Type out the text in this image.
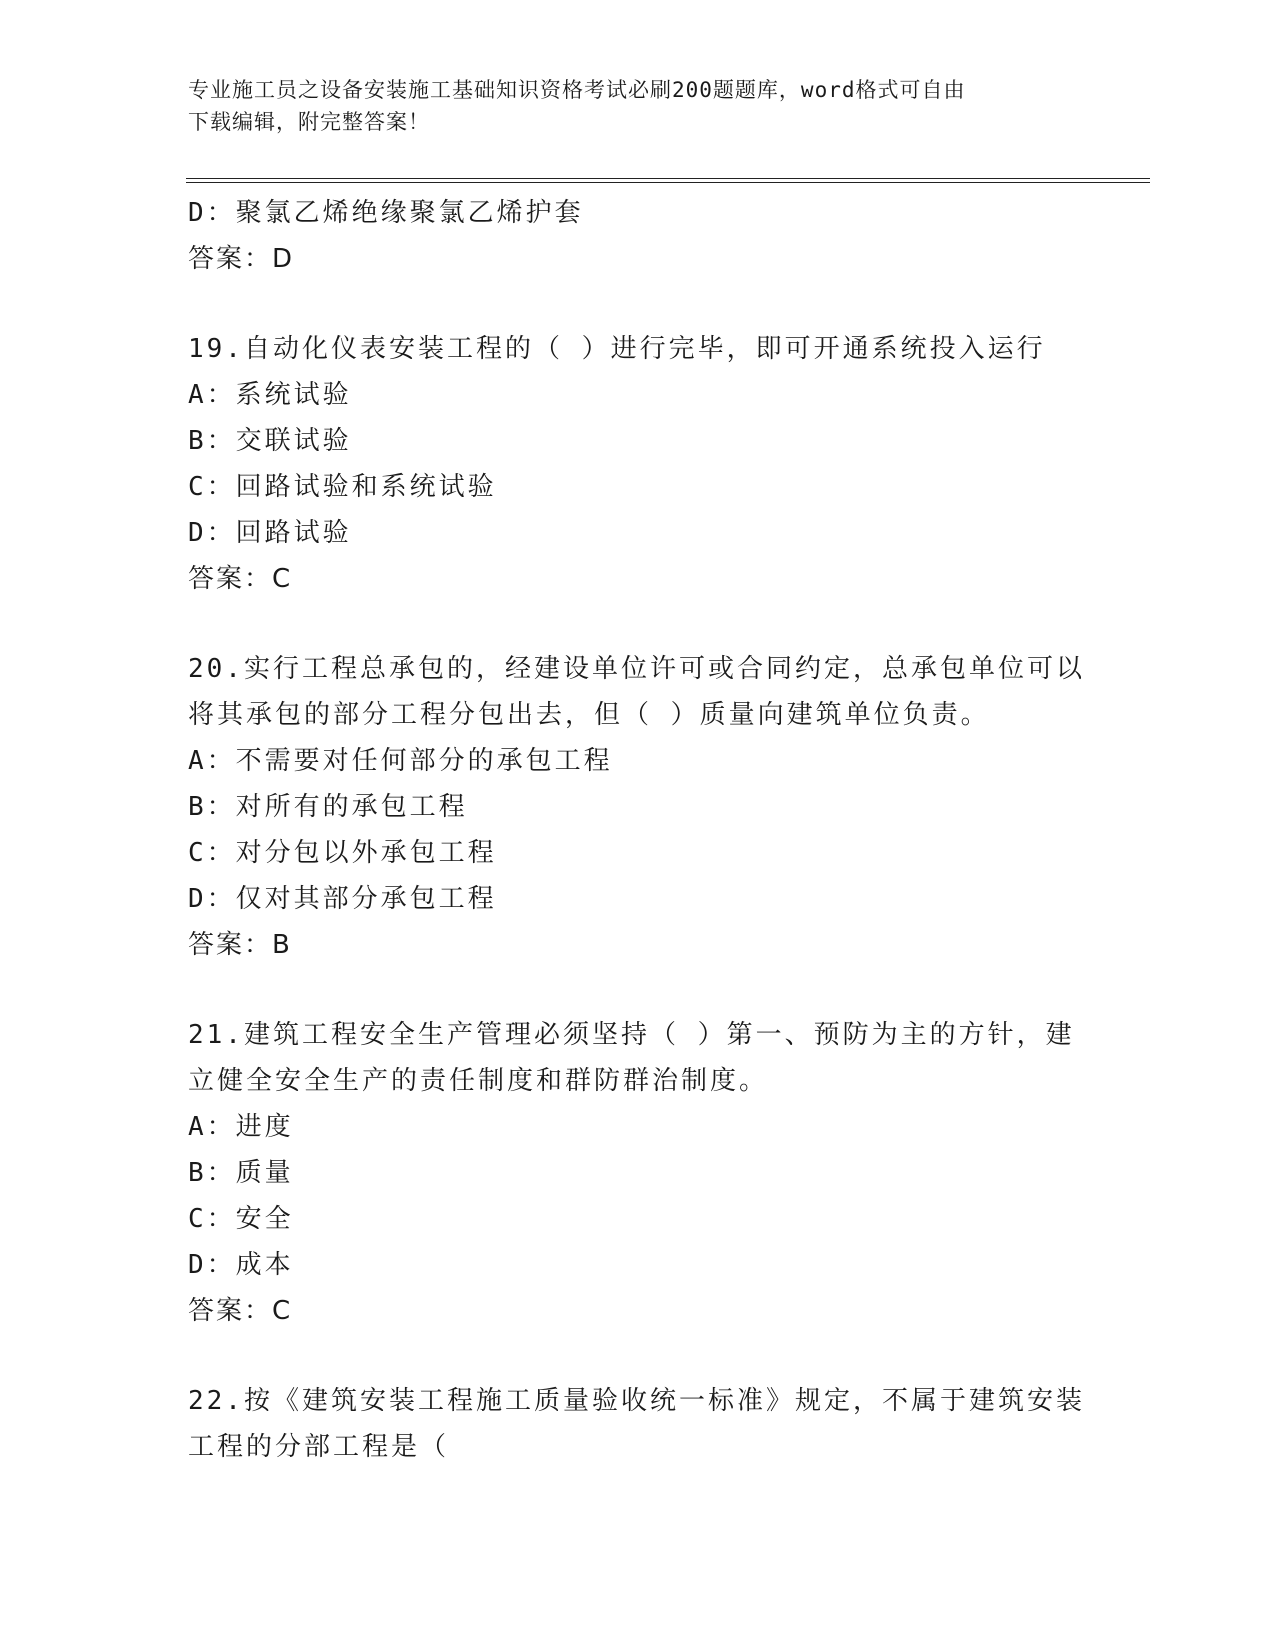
专业施工员之设备安装施工基础知识资格考试必刷200题题库，word格式可自由
下载编辑，附完整答案！
D：聚氯乙烯绝缘聚氯乙烯护套
答案：D
19.自动化仪表安装工程的（ ）进行完毕，即可开通系统投入运行
A：系统试验
B：交联试验
C：回路试验和系统试验
D：回路试验
答案：C
20.实行工程总承包的，经建设单位许可或合同约定，总承包单位可以
将其承包的部分工程分包出去，但（ ）质量向建筑单位负责。
A：不需要对任何部分的承包工程
B：对所有的承包工程
C：对分包以外承包工程
D：仅对其部分承包工程
答案：B
21.建筑工程安全生产管理必须坚持（ ）第一、预防为主的方针，建
立健全安全生产的责任制度和群防群治制度。
A：进度
B：质量
C：安全
D：成本
答案：C
22.按《建筑安装工程施工质量验收统一标准》规定，不属于建筑安装
工程的分部工程是（
